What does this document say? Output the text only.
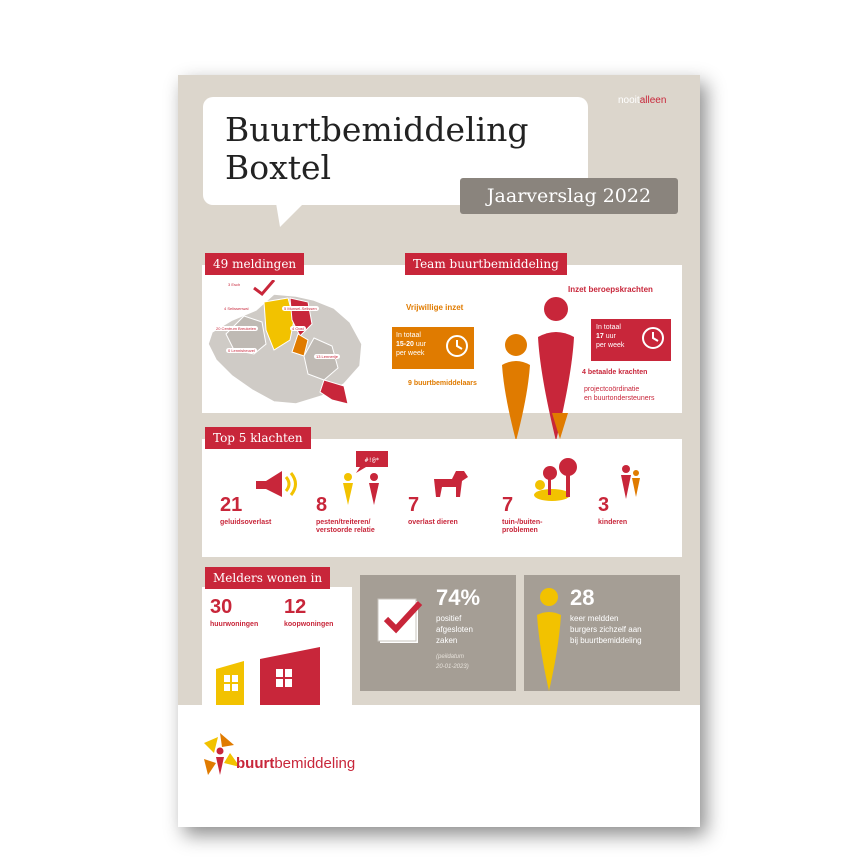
Buurtbemiddeling
Boxtel
nooitalleen
Jaarverslag 2022
49 meldingen	Team buurtbemiddeling
3 Esch
4 Selissenwal	5 Munsel-Selissen
20 Centrum Breukelen	4 Oost
0 Lennisheuvel
13 Lennerije
Vrijwillige inzet
In totaal
15-20 uur
per week
9 buurtbemiddelaars
Inzet beroepskrachten
In totaal
17 uur
per week
4 betaalde krachten
projectcoördinatie
en buurtondersteuners
Top 5 klachten
#!@*
21
geluidsoverlast
8
pesten/treiteren/
verstoorde relatie
7
overlast dieren
7
tuin-/buiten-
problemen
3
kinderen
Melders wonen in
30
huurwoningen
12
koopwoningen
74%
positief
afgesloten
zaken
(peildatum
20-01-2023)
28
keer meldden
burgers zichzelf aan
bij buurtbemiddeling
buurtbemiddeling
